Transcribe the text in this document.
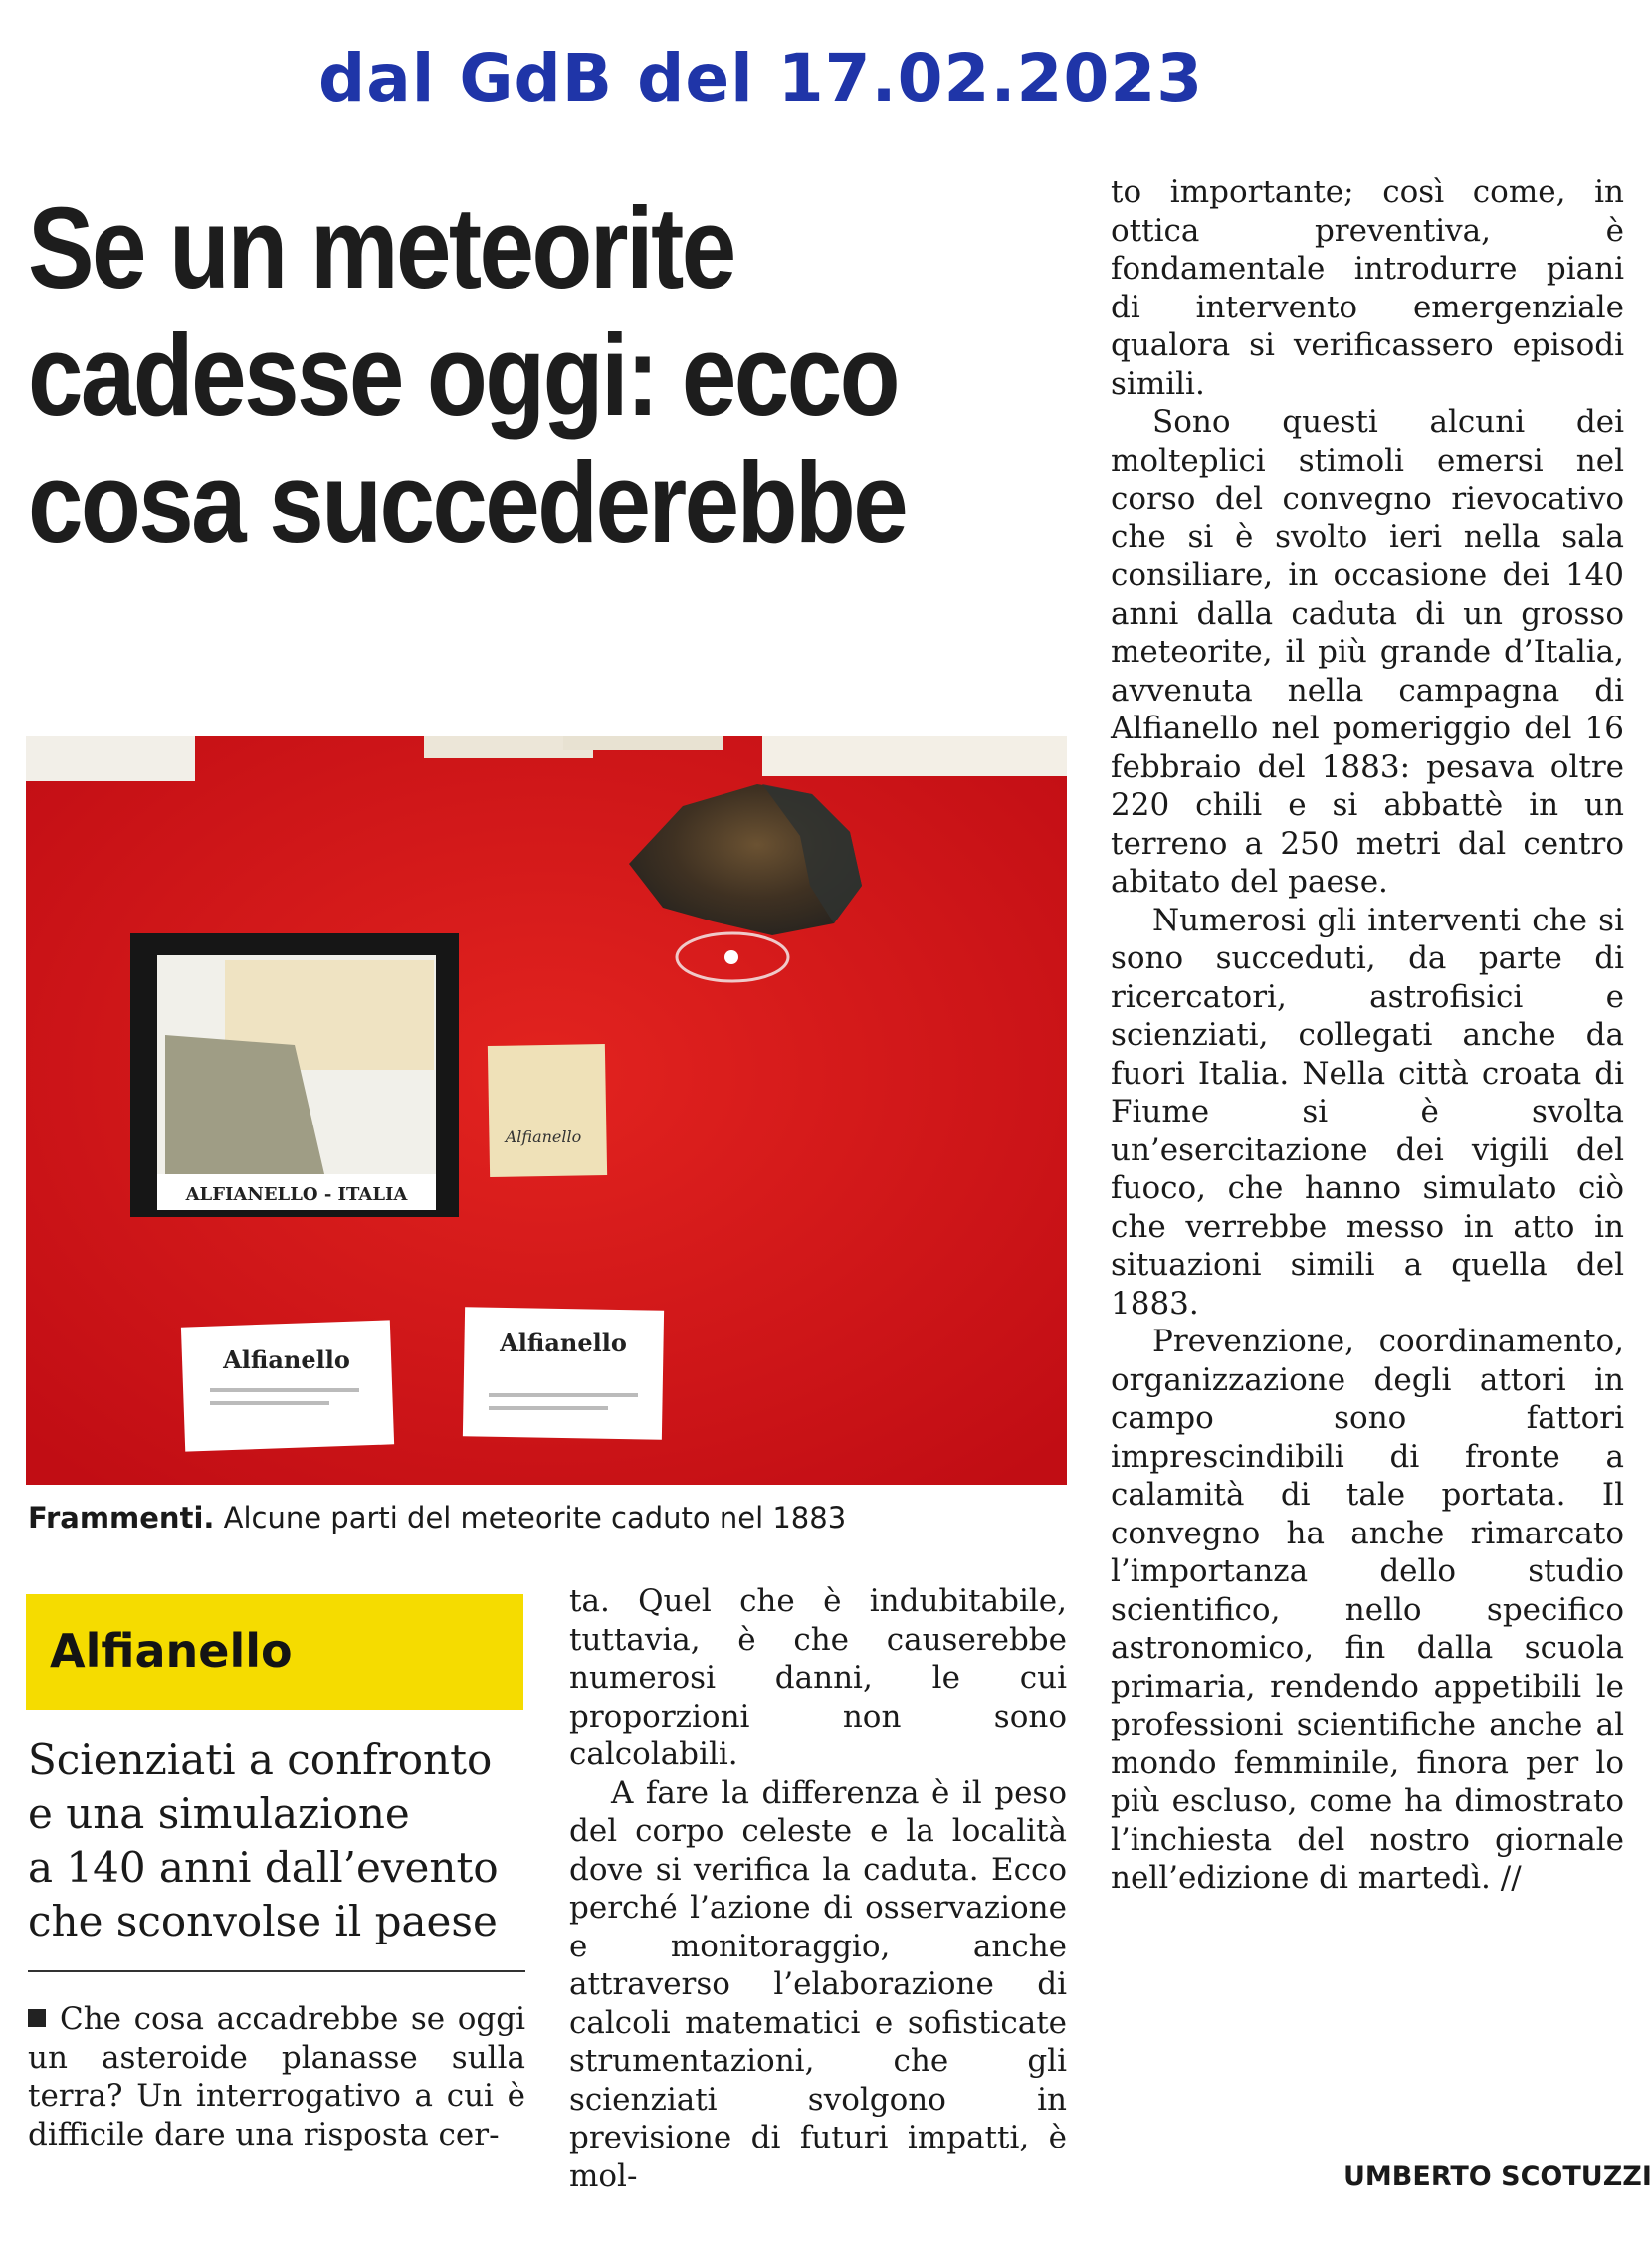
dal GdB del 17.02.2023
Se un meteorite
cadesse oggi: ecco
cosa succederebbe
ALFIANELLO - ITALIA
Alfianello
Alfianello
Alfianello
Frammenti. Alcune parti del meteorite caduto nel 1883
Alfianello
Scienziati a confronto
e una simulazione
a 140 anni dall’evento
che sconvolse il paese

Che cosa accadrebbe se oggi un asteroide planasse sulla terra? Un interrogativo a cui è difficile dare una risposta cer-

ta. Quel che è indubitabile, tuttavia, è che causerebbe numerosi danni, le cui proporzioni non sono calcolabili.

A fare la differenza è il peso del corpo celeste e la località dove si verifica la caduta. Ecco perché l’azione di osservazione e monitoraggio, anche attraverso l’elaborazione di calcoli matematici e sofisticate strumentazioni, che gli scienziati svolgono in previsione di futuri impatti, è mol-

to importante; così come, in ottica preventiva, è fondamentale introdurre piani di intervento emergenziale qualora si verificassero episodi simili.

Sono questi alcuni dei molteplici stimoli emersi nel corso del convegno rievocativo che si è svolto ieri nella sala consiliare, in occasione dei 140 anni dalla caduta di un grosso meteorite, il più grande d’Italia, avvenuta nella campagna di Alfianello nel pomeriggio del 16 febbraio del 1883: pesava oltre 220 chili e si abbattè in un terreno a 250 metri dal centro abitato del paese.

Numerosi gli interventi che si sono succeduti, da parte di ricercatori, astrofisici e scienziati, collegati anche da fuori Italia. Nella città croata di Fiume si è svolta un’esercitazione dei vigili del fuoco, che hanno simulato ciò che verrebbe messo in atto in situazioni simili a quella del 1883.

Prevenzione, coordinamento, organizzazione degli attori in campo sono fattori imprescindibili di fronte a calamità di tale portata. Il convegno ha anche rimarcato l’importanza dello studio scientifico, nello specifico astronomico, fin dalla scuola primaria, rendendo appetibili le professioni scientifiche anche al mondo femminile, finora per lo più escluso, come ha dimostrato l’inchiesta del nostro giornale nell’edizione di martedì. //

UMBERTO SCOTUZZI
